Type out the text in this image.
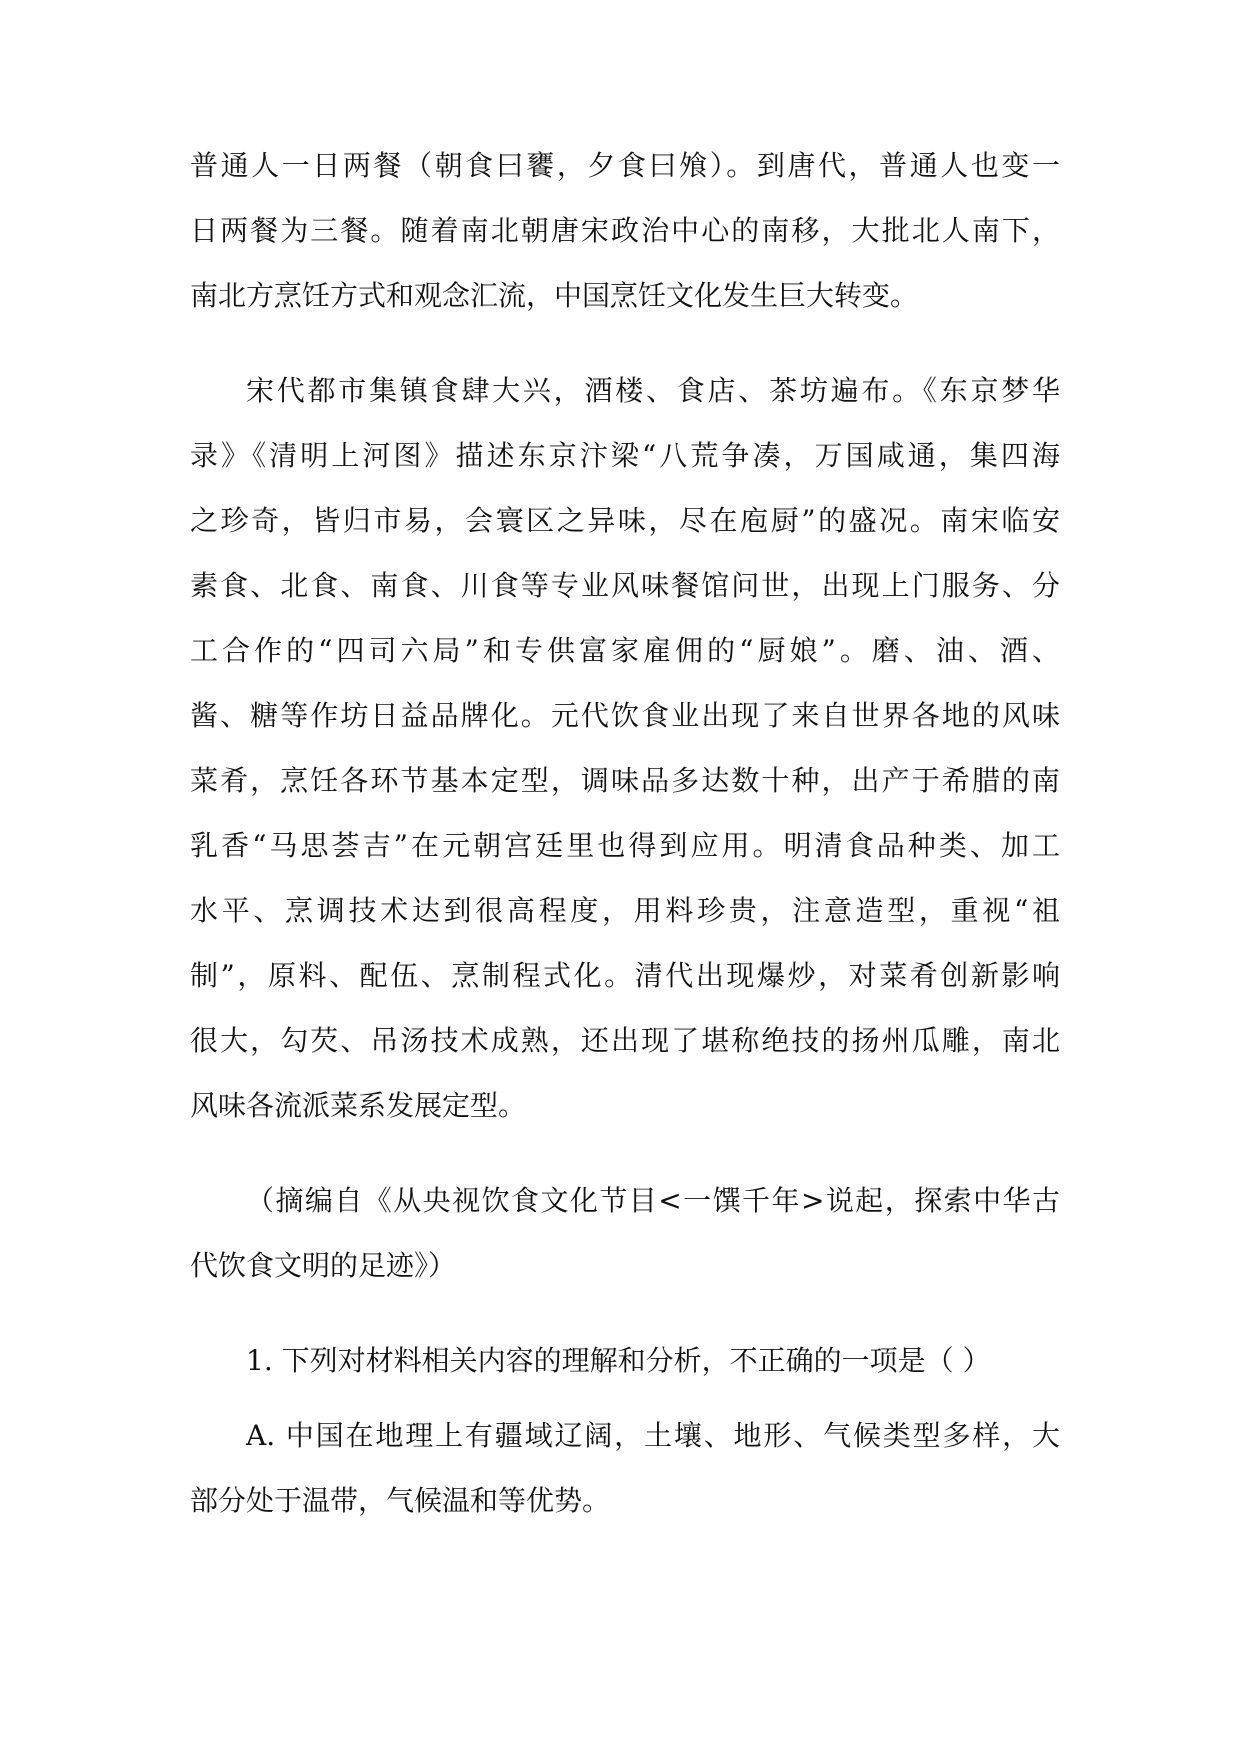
普通人一日两餐（朝食曰饔，夕食曰飧）。到唐代，普通人也变一
日两餐为三餐。随着南北朝唐宋政治中心的南移，大批北人南下，
南北方烹饪方式和观念汇流，中国烹饪文化发生巨大转变。
宋代都市集镇食肆大兴，酒楼、食店、茶坊遍布。《东京梦华
录》《清明上河图》描述东京汴梁“八荒争凑，万国咸通，集四海
之珍奇，皆归市易，会寰区之异味，尽在庖厨”的盛况。南宋临安
素食、北食、南食、川食等专业风味餐馆问世，出现上门服务、分
工合作的“四司六局”和专供富家雇佣的“厨娘”。磨、油、酒、
酱、糖等作坊日益品牌化。元代饮食业出现了来自世界各地的风味
菜肴，烹饪各环节基本定型，调味品多达数十种，出产于希腊的南
乳香“马思荟吉”在元朝宫廷里也得到应用。明清食品种类、加工
水平、烹调技术达到很高程度，用料珍贵，注意造型，重视“祖
制”，原料、配伍、烹制程式化。清代出现爆炒，对菜肴创新影响
很大，勾芡、吊汤技术成熟，还出现了堪称绝技的扬州瓜雕，南北
风味各流派菜系发展定型。
（摘编自《从央视饮食文化节目<一馔千年>说起，探索中华古
代饮食文明的足迹》）
1. 下列对材料相关内容的理解和分析，不正确的一项是（ ）
A. 中国在地理上有疆域辽阔，土壤、地形、气候类型多样，大
部分处于温带，气候温和等优势。
